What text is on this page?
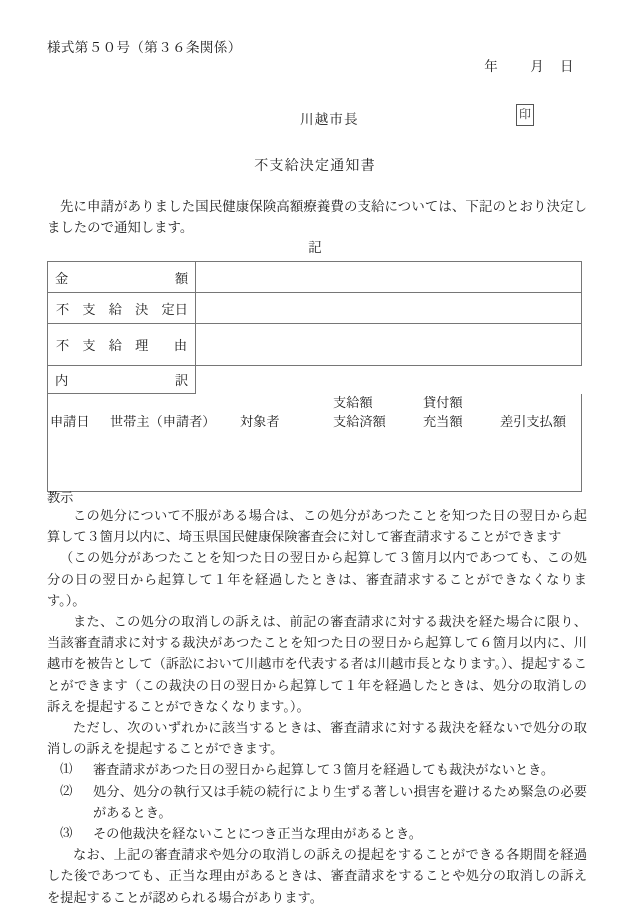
様式第５０号（第３６条関係）
年 月 日
川越市長	印
不支給決定通知書
先に申請がありました国民健康保険高額療養費の支給については、下記のとおり決定しましたので通知します。
記
金 額	

不　支　給　決　定 日	

不　支　給　理 由	

内 訳	

支給額	貸付額
申請日 世帯主（申請者） 対象者	支給済額	充当額	差引支払額
教示

この処分について不服がある場合は、この処分があつたことを知つた日の翌日から起算して３箇月以内に、埼玉県国民健康保険審査会に対して審査請求することができます

（この処分があつたことを知つた日の翌日から起算して３箇月以内であつても、この処分の日の翌日から起算して１年を経過したときは、審査請求することができなくなります。）。

また、この処分の取消しの訴えは、前記の審査請求に対する裁決を経た場合に限り、当該審査請求に対する裁決があつたことを知つた日の翌日から起算して６箇月以内に、川越市を被告として（訴訟において川越市を代表する者は川越市長となります。）、提起することができます（この裁決の日の翌日から起算して１年を経過したときは、処分の取消しの訴えを提起することができなくなります。）。

ただし、次のいずれかに該当するときは、審査請求に対する裁決を経ないで処分の取消しの訴えを提起することができます。

⑴	審査請求があつた日の翌日から起算して３箇月を経過しても裁決がないとき。
⑵	処分、処分の執行又は手続の続行により生ずる著しい損害を避けるため緊急の必要があるとき。
⑶	その他裁決を経ないことにつき正当な理由があるとき。

なお、上記の審査請求や処分の取消しの訴えの提起をすることができる各期間を経過した後であつても、正当な理由があるときは、審査請求をすることや処分の取消しの訴えを提起することが認められる場合があります。
